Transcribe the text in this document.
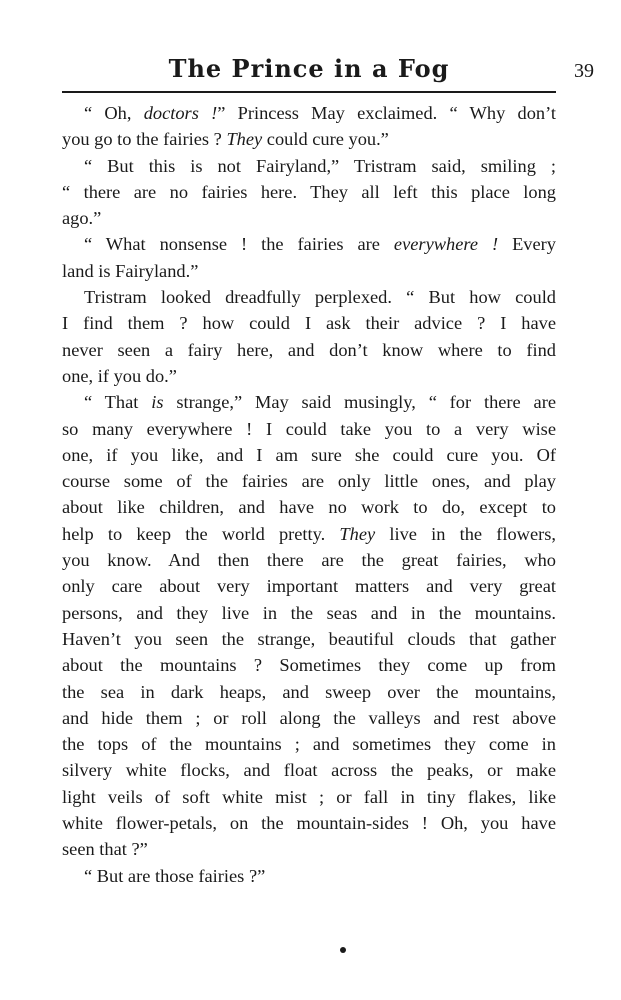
The Prince in a Fog	39
“ Oh, doctors !” Princess May exclaimed. “ Why don’t
you go to the fairies ? They could cure you.”
“ But this is not Fairyland,” Tristram said, smiling ;
“ there are no fairies here. They all left this place long
ago.”
“ What nonsense ! the fairies are everywhere ! Every
land is Fairyland.”
Tristram looked dreadfully perplexed. “ But how could
I find them ? how could I ask their advice ? I have
never seen a fairy here, and don’t know where to find
one, if you do.”
“ That is strange,” May said musingly, “ for there are
so many everywhere ! I could take you to a very wise
one, if you like, and I am sure she could cure you. Of
course some of the fairies are only little ones, and play
about like children, and have no work to do, except to
help to keep the world pretty. They live in the flowers,
you know. And then there are the great fairies, who
only care about very important matters and very great
persons, and they live in the seas and in the mountains.
Haven’t you seen the strange, beautiful clouds that gather
about the mountains ? Sometimes they come up from
the sea in dark heaps, and sweep over the mountains,
and hide them ; or roll along the valleys and rest above
the tops of the mountains ; and sometimes they come in
silvery white flocks, and float across the peaks, or make
light veils of soft white mist ; or fall in tiny flakes, like
white flower-petals, on the mountain-sides ! Oh, you have
seen that ?”
“ But are those fairies ?”
